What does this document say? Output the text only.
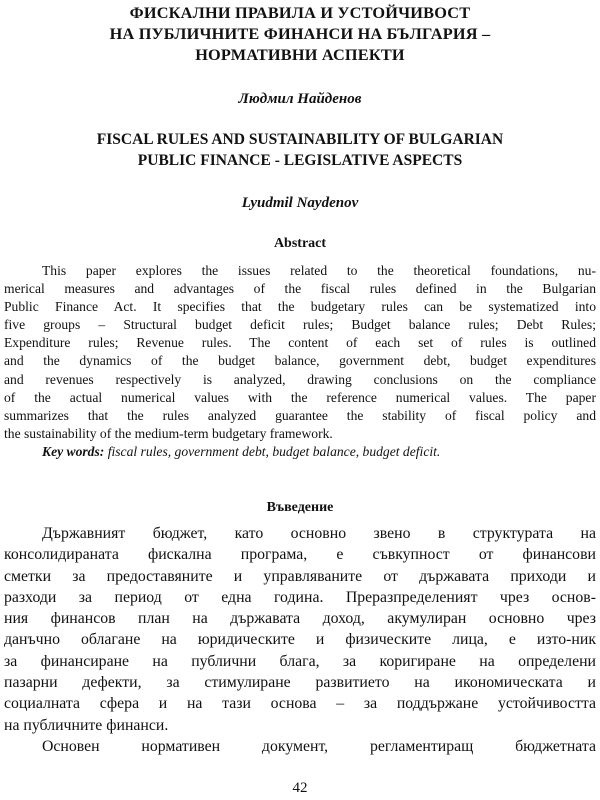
ФИСКАЛНИ ПРАВИЛА И УСТОЙЧИВОСТ
НА ПУБЛИЧНИТЕ ФИНАНСИ НА БЪЛГАРИЯ –
НОРМАТИВНИ АСПЕКТИ
Людмил Найденов
FISCAL RULES AND SUSTAINABILITY OF BULGARIAN
PUBLIC FINANCE - LEGISLATIVE ASPECTS
Lyudmil Naydenov
Abstract
This paper explores the issues related to the theoretical foundations, nu-
merical measures and advantages of the fiscal rules defined in the Bulgarian
Public Finance Act. It specifies that the budgetary rules can be systematized into
five groups – Structural budget deficit rules; Budget balance rules; Debt Rules;
Expenditure rules; Revenue rules. The content of each set of rules is outlined
and the dynamics of the budget balance, government debt, budget expenditures
and revenues respectively is analyzed, drawing conclusions on the compliance
of the actual numerical values with the reference numerical values. The paper
summarizes that the rules analyzed guarantee the stability of fiscal policy and
the sustainability of the medium-term budgetary framework.
Key words: fiscal rules, government debt, budget balance, budget deficit.
Въведение
Държавният бюджет, като основно звено в структурата на
консолидираната фискална програма, е съвкупност от финансови
сметки за предоставяните и управляваните от държавата приходи и
разходи за период от една година. Преразпределеният чрез основ-
ния финансов план на държавата доход, акумулиран основно чрез
данъчно облагане на юридическите и физическите лица, е изто-ник
за финансиране на публични блага, за коригиране на определени
пазарни дефекти, за стимулиране развитието на икономическата и
социалната сфера и на тази основа – за поддържане устойчивостта
на публичните финанси.
Основен нормативен документ, регламентиращ бюджетната
42
